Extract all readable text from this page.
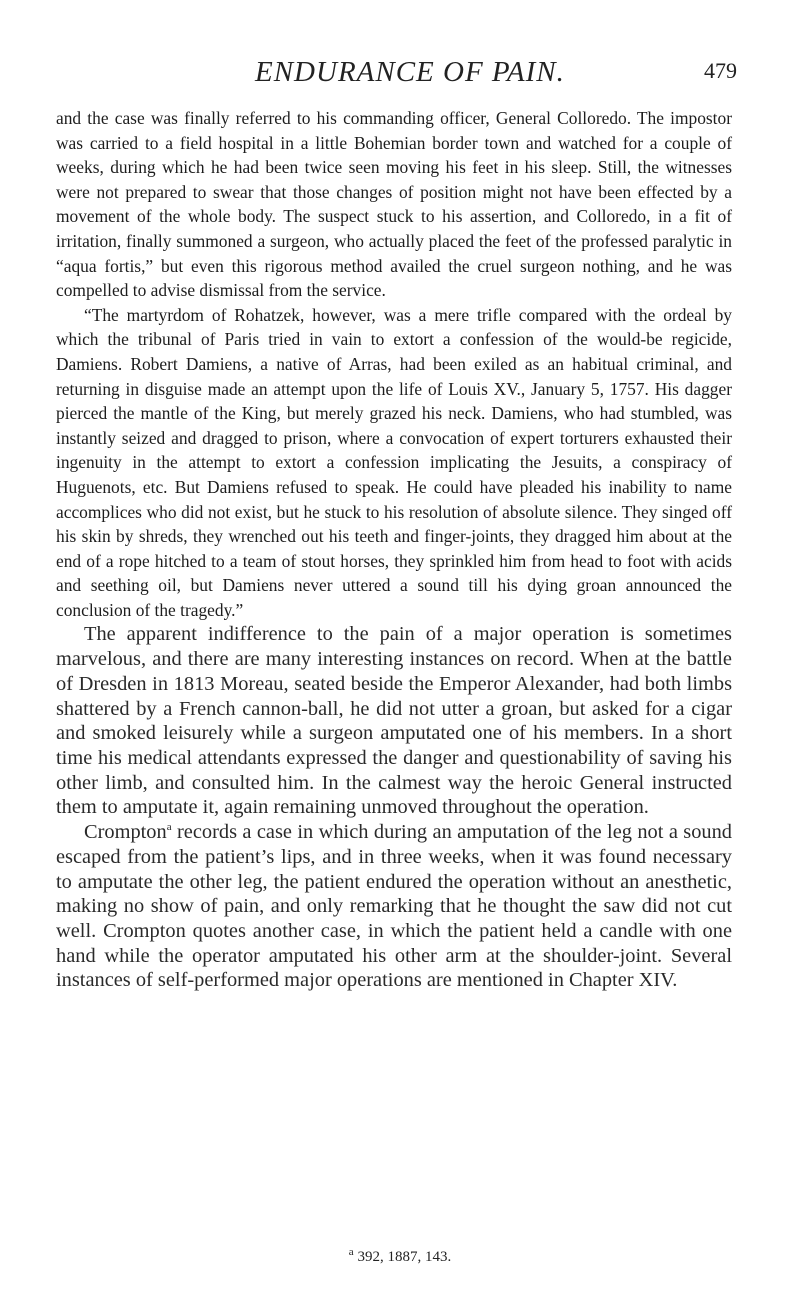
ENDURANCE OF PAIN.	479

and the case was finally referred to his commanding officer, General Colloredo. The impostor was carried to a field hospital in a little Bohemian border town and watched for a couple of weeks, during which he had been twice seen moving his feet in his sleep. Still, the witnesses were not prepared to swear that those changes of position might not have been effected by a movement of the whole body. The suspect stuck to his assertion, and Colloredo, in a fit of irritation, finally summoned a surgeon, who actually placed the feet of the professed paralytic in “aqua fortis,” but even this rigorous method availed the cruel surgeon nothing, and he was compelled to advise dismissal from the service.

“The martyrdom of Rohatzek, however, was a mere trifle compared with the ordeal by which the tribunal of Paris tried in vain to extort a confession of the would-be regicide, Damiens. Robert Damiens, a native of Arras, had been exiled as an habitual criminal, and returning in disguise made an attempt upon the life of Louis XV., January 5, 1757. His dagger pierced the mantle of the King, but merely grazed his neck. Damiens, who had stumbled, was instantly seized and dragged to prison, where a convocation of expert torturers exhausted their ingenuity in the attempt to extort a confession implicating the Jesuits, a conspiracy of Huguenots, etc. But Damiens refused to speak. He could have pleaded his inability to name accomplices who did not exist, but he stuck to his resolution of absolute silence. They singed off his skin by shreds, they wrenched out his teeth and finger-joints, they dragged him about at the end of a rope hitched to a team of stout horses, they sprinkled him from head to foot with acids and seething oil, but Damiens never uttered a sound till his dying groan announced the conclusion of the tragedy.”

The apparent indifference to the pain of a major operation is sometimes marvelous, and there are many interesting instances on record. When at the battle of Dresden in 1813 Moreau, seated beside the Emperor Alexander, had both limbs shattered by a French cannon-ball, he did not utter a groan, but asked for a cigar and smoked leisurely while a surgeon amputated one of his members. In a short time his medical attendants expressed the danger and questionability of saving his other limb, and consulted him. In the calmest way the heroic General instructed them to amputate it, again remaining unmoved throughout the operation.

Crompton$^a$ records a case in which during an amputation of the leg not a sound escaped from the patient’s lips, and in three weeks, when it was found necessary to amputate the other leg, the patient endured the operation without an anesthetic, making no show of pain, and only remarking that he thought the saw did not cut well. Crompton quotes another case, in which the patient held a candle with one hand while the operator amputated his other arm at the shoulder-joint. Several instances of self-performed major operations are mentioned in Chapter XIV.

$^a$ 392, 1887, 143.
